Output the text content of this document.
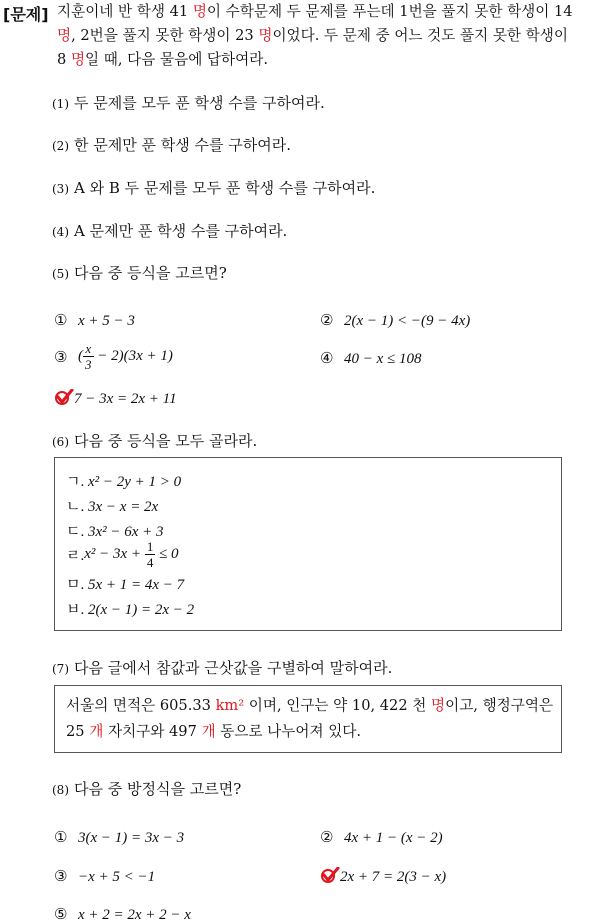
[문제] 지훈이네 반 학생 41 명이 수학문제 두 문제를 푸는데 1번을 풀지 못한 학생이 14 명, 2번을 풀지 못한 학생이 23 명이었다. 두 문제 중 어느 것도 풀지 못한 학생이 8 명일 때, 다음 물음에 답하여라.
(1) 두 문제를 모두 푼 학생 수를 구하여라.
(2) 한 문제만 푼 학생 수를 구하여라.
(3) A 와 B 두 문제를 모두 푼 학생 수를 구하여라.
(4) A 문제만 푼 학생 수를 구하여라.
(5) 다음 중 등식을 고르면?
① x + 5 − 3	② 2(x − 1) < −(9 − 4x)
③ ( $\frac{x}{3} - 2)(3x + 1)$	④ 40 − x ≤ 108
7 − 3x = 2x + 11
(6) 다음 중 등식을 모두 골라라.
ㄱ. x² − 2y + 1 > 0
ㄴ. 3x − x = 2x
ㄷ. 3x² − 6x + 3
ㄹ$.x^2 - 3x + \frac{1}{4} \le 0$
ㅁ. 5x + 1 = 4x − 7
ㅂ. 2(x − 1) = 2x − 2
(7) 다음 글에서 참값과 근삿값을 구별하여 말하여라.
서울의 면적은 605.33 km² 이며, 인구는 약 10, 422 천 명이고, 행정구역은
25 개 자치구와 497 개 동으로 나누어져 있다.
(8) 다음 중 방정식을 고르면?
① 3(x − 1) = 3x − 3	② 4x + 1 − (x − 2)
③ −x + 5 < −1	2x + 7 = 2(3 − x)
⑤ x + 2 = 2x + 2 − x
